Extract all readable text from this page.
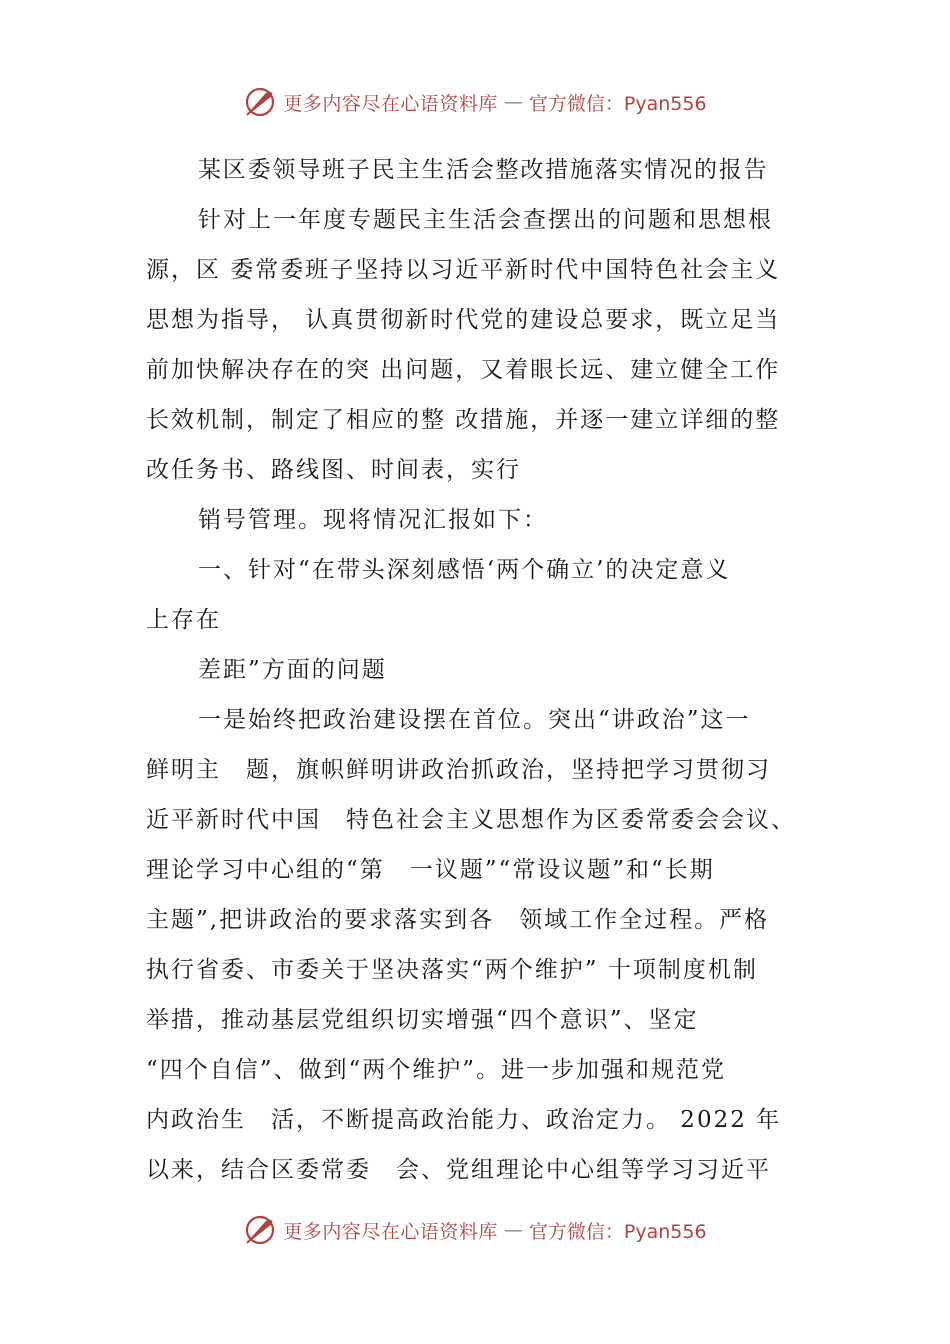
更多内容尽在心语资料库 — 官方微信：Pyan556
某区委领导班子民主生活会整改措施落实情况的报告
针对上一年度专题民主生活会查摆出的问题和思想根
源，区 委常委班子坚持以习近平新时代中国特色社会主义
思想为指导， 认真贯彻新时代党的建设总要求，既立足当
前加快解决存在的突 出问题，又着眼长远、建立健全工作
长效机制，制定了相应的整 改措施，并逐一建立详细的整
改任务书、路线图、时间表，实行
销号管理。现将情况汇报如下：
一、针对“在带头深刻感悟‘两个确立’的决定意义
上存在
差距”方面的问题
一是始终把政治建设摆在首位。突出“讲政治”这一
鲜明主　题，旗帜鲜明讲政治抓政治，坚持把学习贯彻习
近平新时代中国　特色社会主义思想作为区委常委会会议、
理论学习中心组的“第　一议题”“常设议题”和“长期
主题”,把讲政治的要求落实到各　领域工作全过程。严格
执行省委、市委关于坚决落实“两个维护” 十项制度机制
举措，推动基层党组织切实增强“四个意识”、坚定
“四个自信”、做到“两个维护”。进一步加强和规范党
内政治生　活，不断提高政治能力、政治定力。 2022 年
以来，结合区委常委　会、党组理论中心组等学习习近平
更多内容尽在心语资料库 — 官方微信：Pyan556
